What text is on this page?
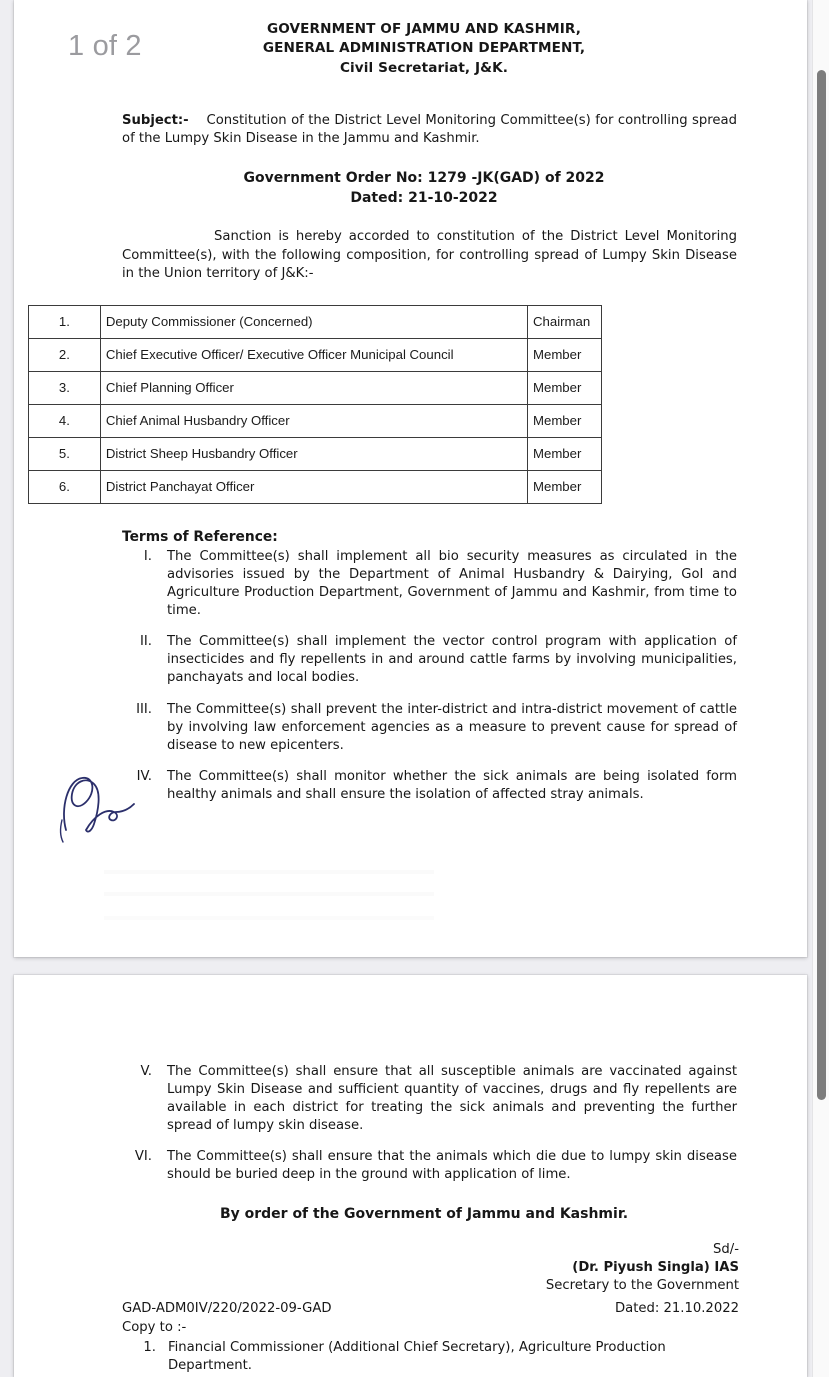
GOVERNMENT OF JAMMU AND KASHMIR,
GENERAL ADMINISTRATION DEPARTMENT,
Civil Secretariat, J&K.

Subject:- Constitution of the District Level Monitoring Committee(s) for controlling spread of the Lumpy Skin Disease in the Jammu and Kashmir.

Government Order No: 1279 -JK(GAD) of 2022
Dated: 21-10-2022

Sanction is hereby accorded to constitution of the District Level Monitoring Committee(s), with the following composition, for controlling spread of Lumpy Skin Disease in the Union territory of J&K:-

1.	Deputy Commissioner (Concerned)	Chairman
2.	Chief Executive Officer/ Executive Officer Municipal Council	Member
3.	Chief Planning Officer	Member
4.	Chief Animal Husbandry Officer	Member
5.	District Sheep Husbandry Officer	Member
6.	District Panchayat Officer	Member
Terms of Reference:
I.	The Committee(s) shall implement all bio security measures as circulated in the advisories issued by the Department of Animal Husbandry & Dairying, GoI and Agriculture Production Department, Government of Jammu and Kashmir, from time to time.
II.	The Committee(s) shall implement the vector control program with application of insecticides and fly repellents in and around cattle farms by involving municipalities, panchayats and local bodies.
III.	The Committee(s) shall prevent the inter-district and intra-district movement of cattle by involving law enforcement agencies as a measure to prevent cause for spread of disease to new epicenters.
IV.	The Committee(s) shall monitor whether the sick animals are being isolated form healthy animals and shall ensure the isolation of affected stray animals.
V.	The Committee(s) shall ensure that all susceptible animals are vaccinated against Lumpy Skin Disease and sufficient quantity of vaccines, drugs and fly repellents are available in each district for treating the sick animals and preventing the further spread of lumpy skin disease.
VI.	The Committee(s) shall ensure that the animals which die due to lumpy skin disease should be buried deep in the ground with application of lime.
By order of the Government of Jammu and Kashmir.
Sd/-
(Dr. Piyush Singla) IAS
Secretary to the Government
GAD-ADM0IV/220/2022-09-GAD	Dated: 21.10.2022
Copy to :-
1. Financial Commissioner (Additional Chief Secretary), Agriculture Production Department.
1 of 2
